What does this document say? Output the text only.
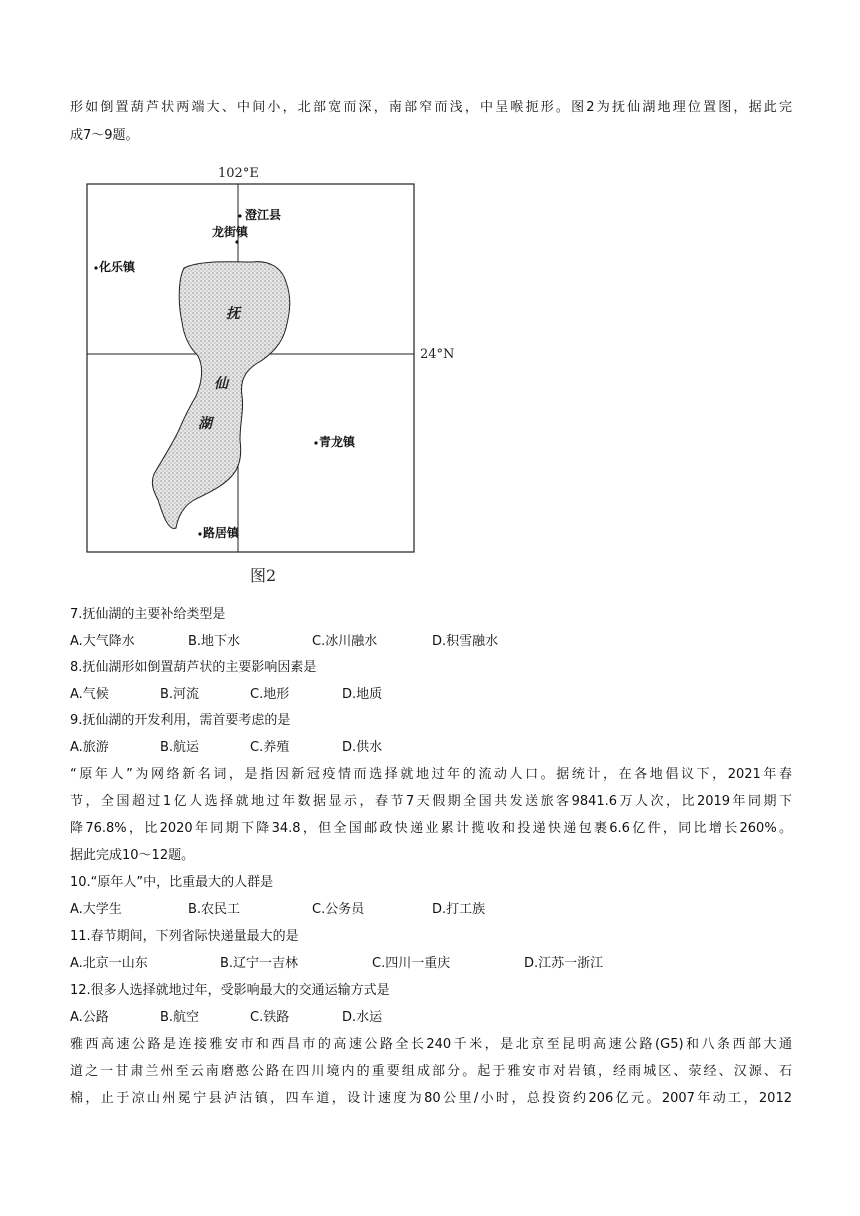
形如倒置葫芦状两端大、中间小，北部宽而深，南部窄而浅，中呈喉扼形。图2为抚仙湖地理位置图，据此完
成7～9题。
102°E
24°N
抚
仙
湖
澄江县
龙街镇
化乐镇
青龙镇
路居镇
图2
7.抚仙湖的主要补给类型是
A.大气降水	B.地下水	C.冰川融水	D.积雪融水
8.抚仙湖形如倒置葫芦状的主要影响因素是
A.气候	B.河流	C.地形	D.地质
9.抚仙湖的开发利用，需首要考虑的是
A.旅游	B.航运	C.养殖	D.供水
“原年人”为网络新名词，是指因新冠疫情而选择就地过年的流动人口。据统计，在各地倡议下，2021年春
节，全国超过1亿人选择就地过年数据显示，春节7天假期全国共发送旅客9841.6万人次，比2019年同期下
降76.8%，比2020年同期下降34.8，但全国邮政快递业累计揽收和投递快递包裹6.6亿件，同比增长260%。
据此完成10～12题。
10.“原年人”中，比重最大的人群是
A.大学生	B.农民工	C.公务员	D.打工族
11.春节期间，下列省际快递量最大的是
A.北京一山东	B.辽宁一吉林	C.四川一重庆	D.江苏一浙江
12.很多人选择就地过年，受影响最大的交通运输方式是
A.公路	B.航空	C.铁路	D.水运
雅西高速公路是连接雅安市和西昌市的高速公路全长240千米，是北京至昆明高速公路(G5)和八条西部大通
道之一甘肃兰州至云南磨憨公路在四川境内的重要组成部分。起于雅安市对岩镇，经雨城区、荥经、汉源、石
棉，止于凉山州冕宁县泸沽镇，四车道，设计速度为80公里/小时，总投资约206亿元。2007年动工，2012
